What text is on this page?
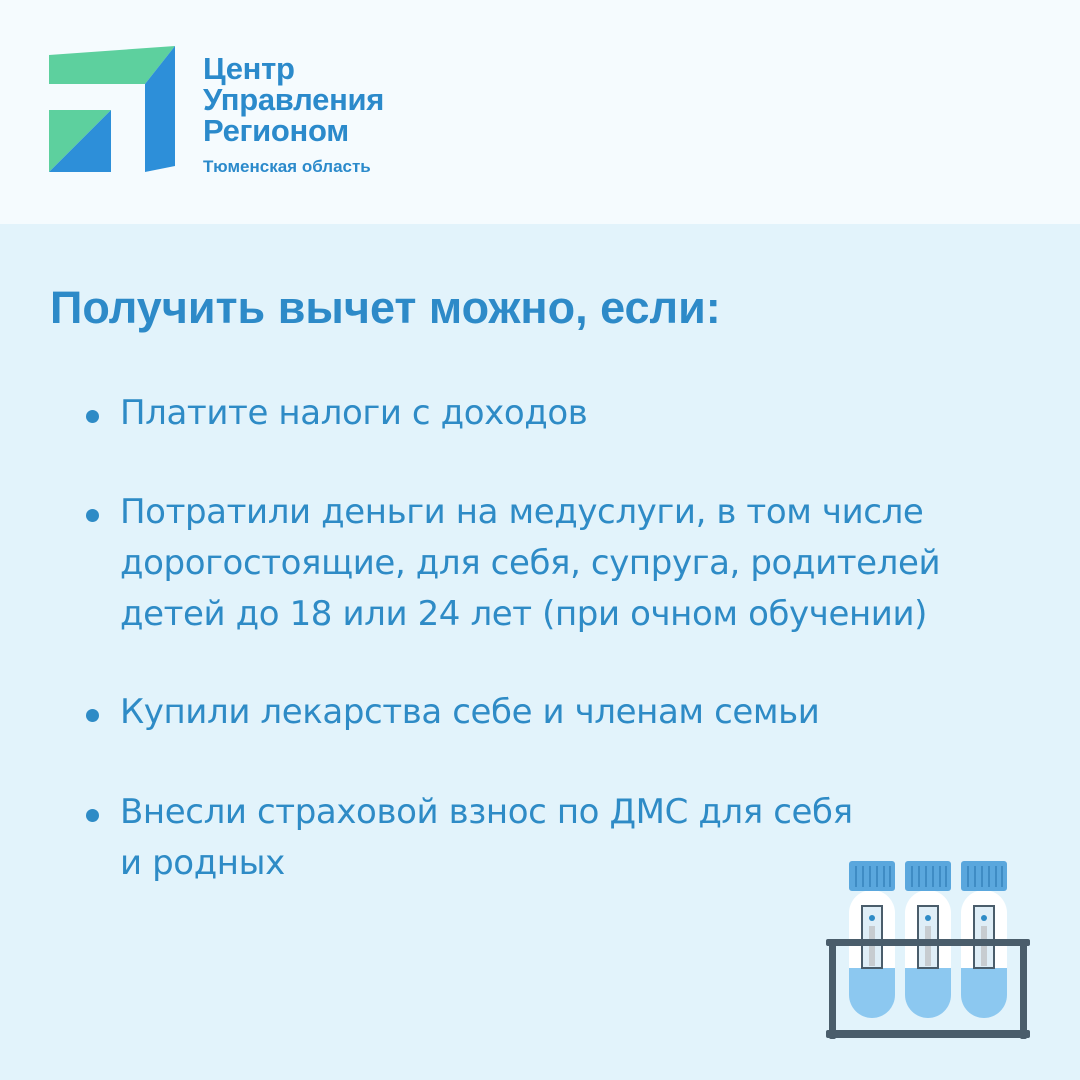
Центр
Управления
Регионом
Тюменская область
Получить вычет можно, если:
Платите налоги с доходов
Потратили деньги на медуслуги, в том числе
дорогостоящие, для себя, супруга, родителей
детей до 18 или 24 лет (при очном обучении)
Купили лекарства себе и членам семьи
Внесли страховой взнос по ДМС для себя
и родных
